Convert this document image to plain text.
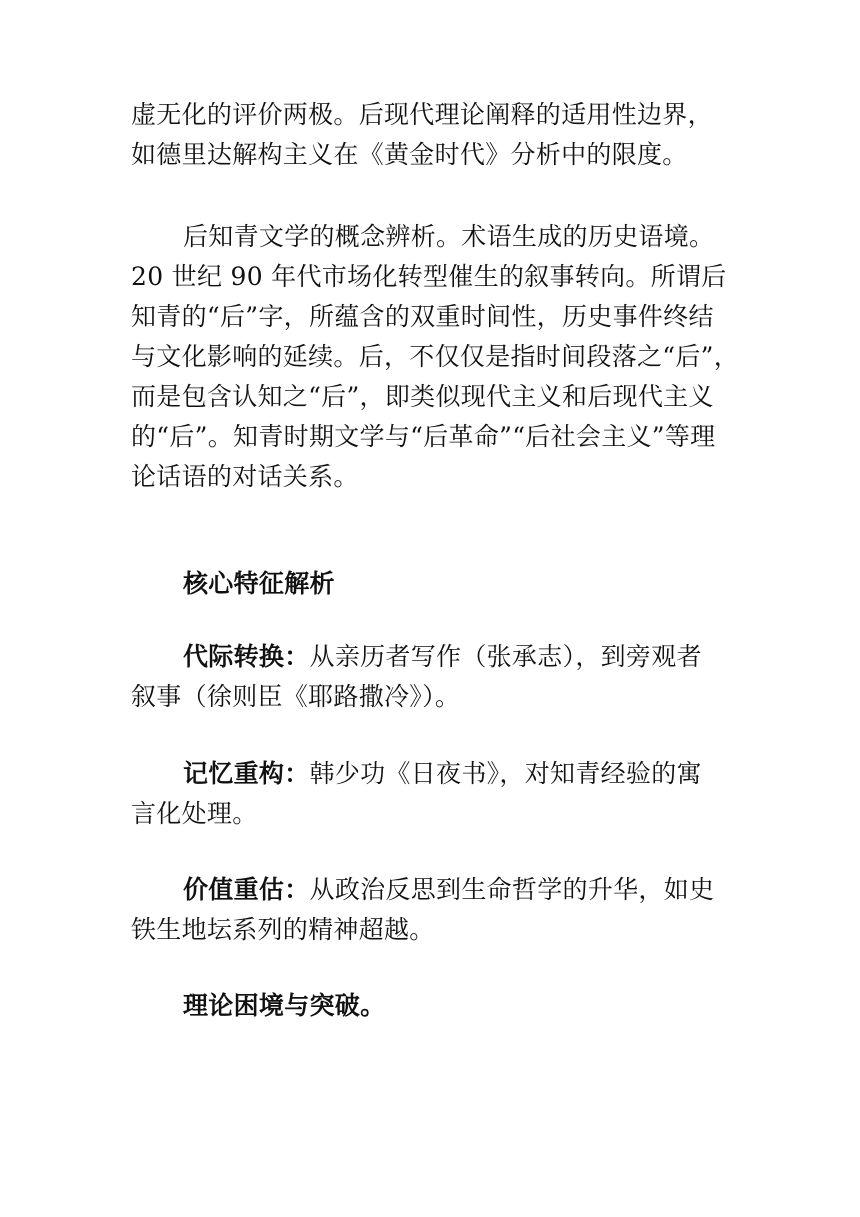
虚无化的评价两极。后现代理论阐释的适用性边界，
如德里达解构主义在《黄金时代》分析中的限度。
后知青文学的概念辨析。术语生成的历史语境。
20 世纪 90 年代市场化转型催生的叙事转向。所谓后
知青的“后”字，所蕴含的双重时间性，历史事件终结
与文化影响的延续。后，不仅仅是指时间段落之“后”，
而是包含认知之“后”，即类似现代主义和后现代主义
的“后”。知青时期文学与“后革命”“后社会主义”等理
论话语的对话关系。
核心特征解析
代际转换：从亲历者写作（张承志），到旁观者
叙事（徐则臣《耶路撒冷》）。
记忆重构：韩少功《日夜书》，对知青经验的寓
言化处理。
价值重估：从政治反思到生命哲学的升华，如史
铁生地坛系列的精神超越。
理论困境与突破。
